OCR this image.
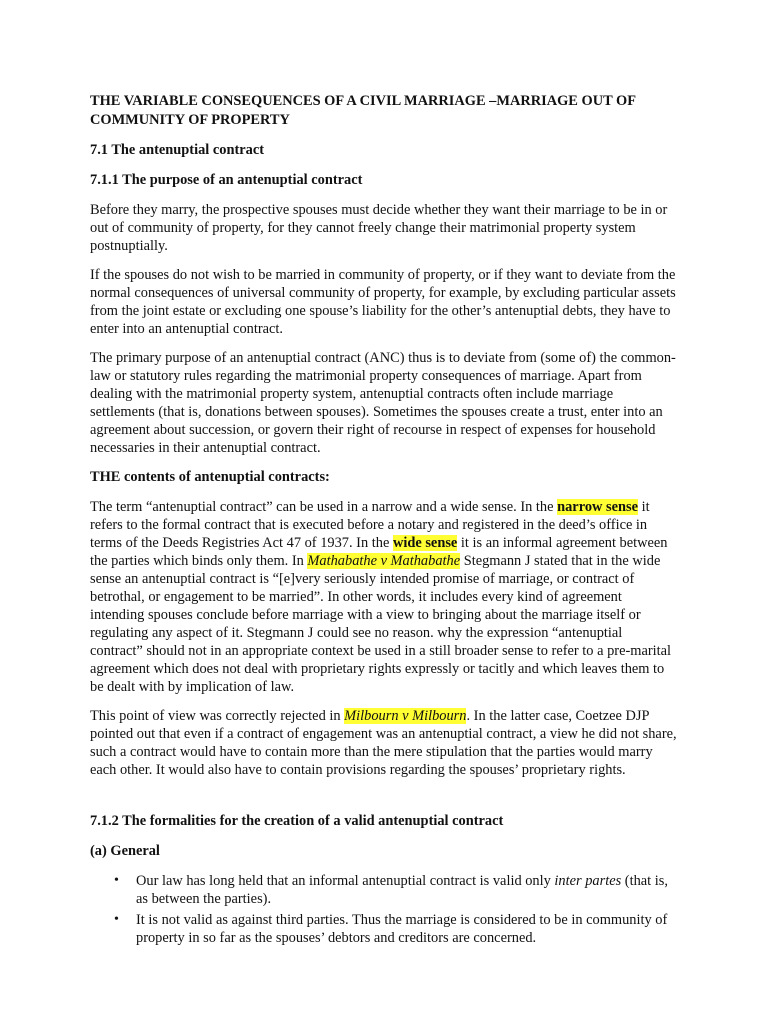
THE VARIABLE CONSEQUENCES OF A CIVIL MARRIAGE –MARRIAGE OUT OF COMMUNITY OF PROPERTY
7.1 The antenuptial contract
7.1.1 The purpose of an antenuptial contract

Before they marry, the prospective spouses must decide whether they want their marriage to be in or out of community of property, for they cannot freely change their matrimonial property system postnuptially.

If the spouses do not wish to be married in community of property, or if they want to deviate from the normal consequences of universal community of property, for example, by excluding particular assets from the joint estate or excluding one spouse’s liability for the other’s antenuptial debts, they have to enter into an antenuptial contract.

The primary purpose of an antenuptial contract (ANC) thus is to deviate from (some of) the common-law or statutory rules regarding the matrimonial property consequences of marriage. Apart from dealing with the matrimonial property system, antenuptial contracts often include marriage settlements (that is, donations between spouses). Sometimes the spouses create a trust, enter into an agreement about succession, or govern their right of recourse in respect of expenses for household necessaries in their antenuptial contract.

THE contents of antenuptial contracts:

The term “antenuptial contract” can be used in a narrow and a wide sense. In the narrow sense it refers to the formal contract that is executed before a notary and registered in the deed’s office in terms of the Deeds Registries Act 47 of 1937. In the wide sense it is an informal agreement between the parties which binds only them. In Mathabathe v Mathabathe Stegmann J stated that in the wide sense an antenuptial contract is “[e]very seriously intended promise of marriage, or contract of betrothal, or engagement to be married”. In other words, it includes every kind of agreement intending spouses conclude before marriage with a view to bringing about the marriage itself or regulating any aspect of it. Stegmann J could see no reason. why the expression “antenuptial contract” should not in an appropriate context be used in a still broader sense to refer to a pre-marital agreement which does not deal with proprietary rights expressly or tacitly and which leaves them to be dealt with by implication of law.

This point of view was correctly rejected in Milbourn v Milbourn. In the latter case, Coetzee DJP pointed out that even if a contract of engagement was an antenuptial contract, a view he did not share, such a contract would have to contain more than the mere stipulation that the parties would marry each other. It would also have to contain provisions regarding the spouses’ proprietary rights.

7.1.2 The formalities for the creation of a valid antenuptial contract
(a) General
• Our law has long held that an informal antenuptial contract is valid only inter partes (that is, as between the parties).
• It is not valid as against third parties. Thus the marriage is considered to be in community of property in so far as the spouses’ debtors and creditors are concerned.
